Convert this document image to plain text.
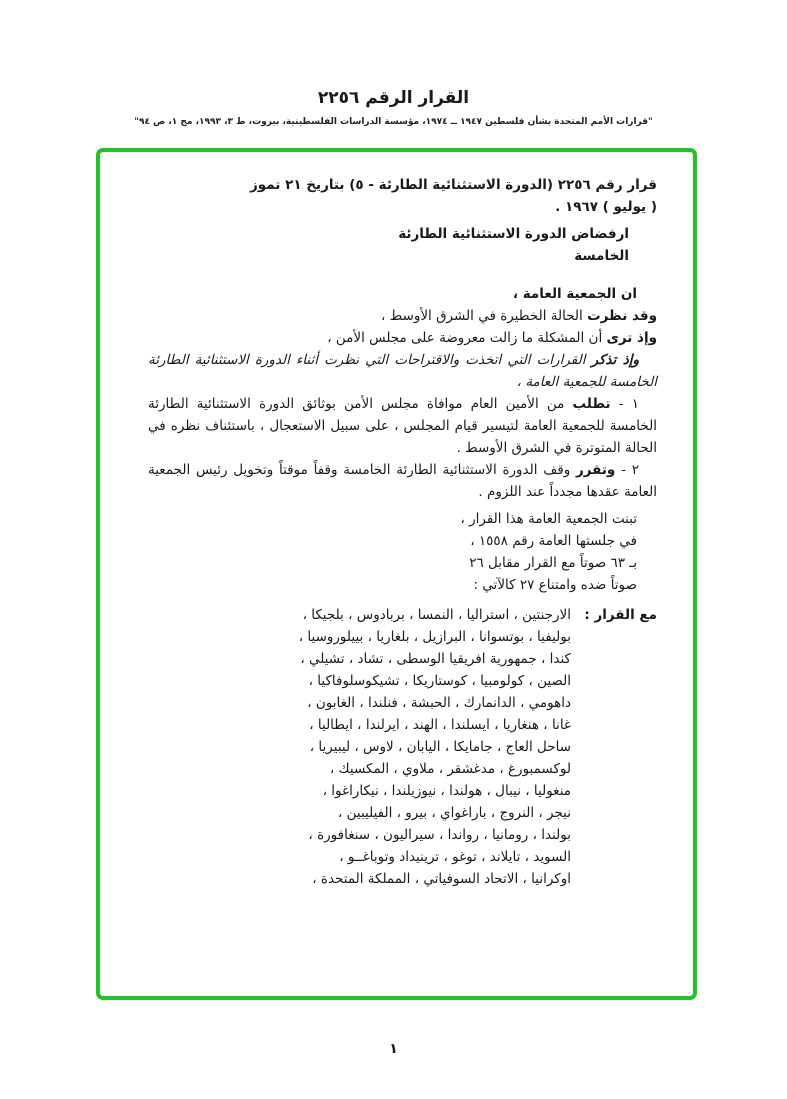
القرار الرقم ٢٢٥٦
"قرارات الأمم المتحدة بشأن فلسطين ١٩٤٧ ــ ١٩٧٤، مؤسسة الدراسات الفلسطينية، بيروت، ط ٣، ١٩٩٣، مج ١، ص ٩٤"

قرار رقم ٢٢٥٦ (الدورة الاستثنائية الطارئة - ٥) بتاريخ ٢١ تموز

( يوليو ) ١٩٦٧ .

ارفضاض الدورة الاستثنائية الطارئة

الخامسة

ان الجمعية العامة ،

وقد نظرت الحالة الخطيرة في الشرق الأوسط ،

وإذ ترى أن المشكلة ما زالت معروضة على مجلس الأمن ،

وإذ تذكر القرارات التي اتخذت والاقتراحات التي نظرت أثناء الدورة الاستثنائية الطارئة الخامسة للجمعية العامة ،

١ - تطلب من الأمين العام موافاة مجلس الأمن بوثائق الدورة الاستثنائية الطارئة الخامسة للجمعية العامة لتيسير قيام المجلس ، على سبيل الاستعجال ، باستئناف نظره في الحالة المتوترة في الشرق الأوسط .

٢ - وتقرر وقف الدورة الاستثنائية الطارئة الخامسة وقفاً موقتاً وتخويل رئيس الجمعية العامة عقدها مجدداً عند اللزوم .

تبنت الجمعية العامة هذا القرار ،

في جلستها العامة رقم ١٥٥٨ ،

بـ ٦٣ صوتاً مع القرار مقابل ٢٦

صوتاً ضده وامتناع ٢٧ كالآتي :

مع القرار :
الارجنتين ، استراليا ، النمسا ، بربادوس ، بلجيكا ،
بوليفيا ، بوتسوانا ، البرازيل ، بلغاريا ، بييلوروسيا ،
كندا ، جمهورية افريقيا الوسطى ، تشاد ، تشيلي ،
الصين ، كولومبيا ، كوستاريكا ، تشيكوسلوفاكيا ،
داهومي ، الدانمارك ، الحبشة ، فنلندا ، الغابون ،
غانا ، هنغاريا ، ايسلندا ، الهند ، ايرلندا ، ايطاليا ،
ساحل العاج ، جامايكا ، اليابان ، لاوس ، ليبيريا ،
لوكسمبورغ ، مدغشقر ، ملاوي ، المكسيك ،
منغوليا ، نيبال ، هولندا ، نيوزيلندا ، نيكاراغوا ،
نيجر ، النروج ، باراغواي ، بيرو ، الفيليبين ،
بولندا ، رومانيا ، رواندا ، سيراليون ، سنغافورة ،
السويد ، تايلاند ، توغو ، ترينيداد وتوباغــو ،
اوكرانيا ، الاتحاد السوفياتي ، المملكة المتحدة ،
١
